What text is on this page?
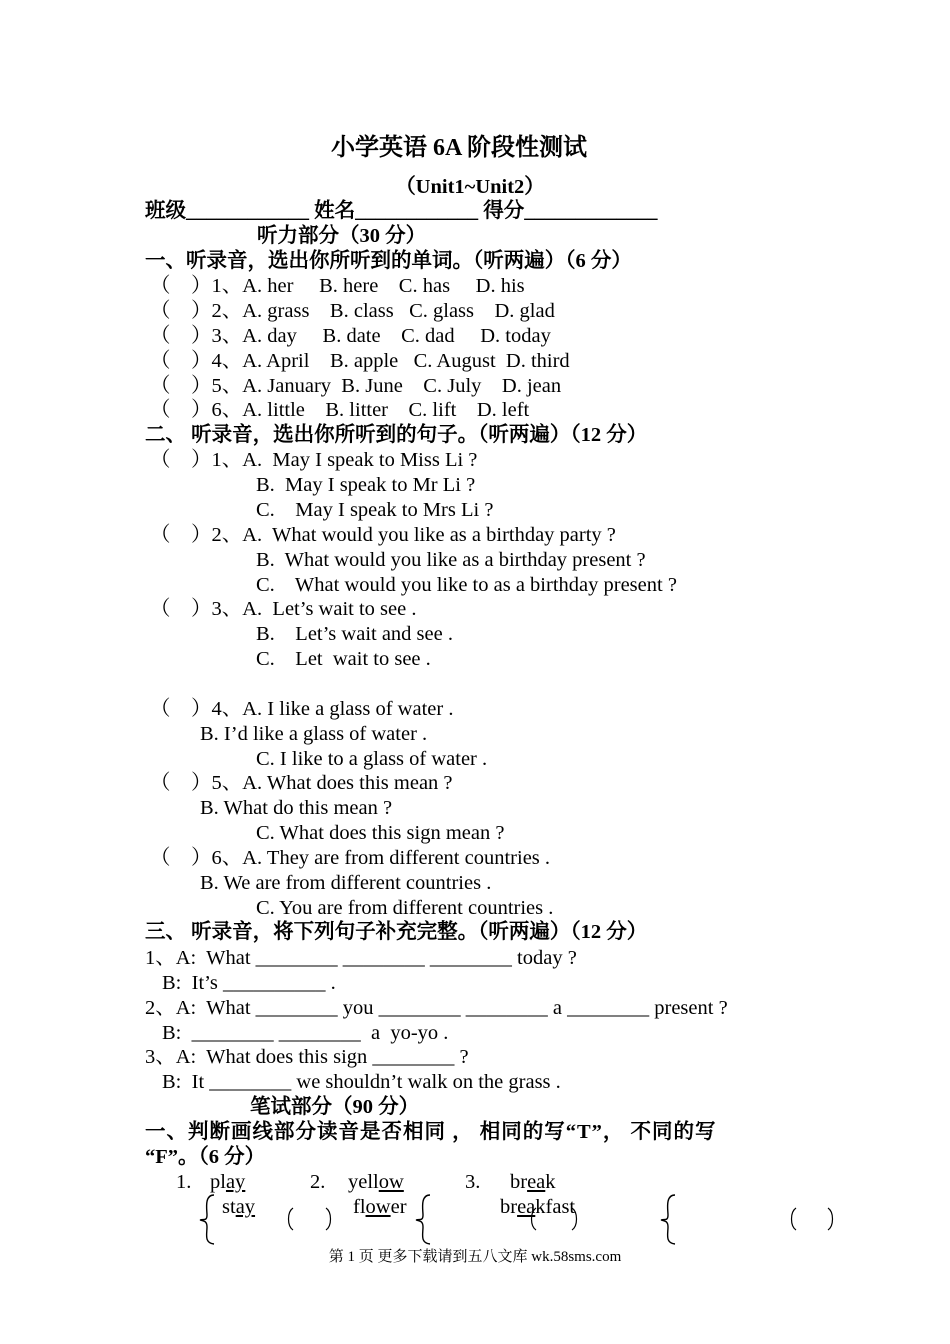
小学英语 6A 阶段性测试
（Unit1~Unit2）
班级____________ 姓名____________ 得分_____________
听力部分（30 分）
一、听录音，选出你所听到的单词。（听两遍）（6 分）
（    ）1、A. her     B. here    C. has     D. his
（    ）2、A. grass    B. class   C. glass    D. glad
（    ）3、A. day     B. date    C. dad     D. today
（    ）4、A. April    B. apple   C. August  D. third
（    ）5、A. January  B. June    C. July    D. jean
（    ）6、A. little    B. litter    C. lift    D. left
二、 听录音，选出你所听到的句子。（听两遍）（12 分）
（    ）1、A.  May I speak to Miss Li ?
B.  May I speak to Mr Li ?
C.    May I speak to Mrs Li ?
（    ）2、A.  What would you like as a birthday party ?
B.  What would you like as a birthday present ?
C.    What would you like to as a birthday present ?
（    ）3、A.  Let’s wait to see .
B.    Let’s wait and see .
C.    Let  wait to see .
（    ）4、A. I like a glass of water .
B. I’d like a glass of water .
C. I like to a glass of water .
（    ）5、A. What does this mean ?
B. What do this mean ?
C. What does this sign mean ?
（    ）6、A. They are from different countries .
B. We are from different countries .
C. You are from different countries .
三、 听录音，将下列句子补充完整。（听两遍）（12 分）
1、A:  What ________ ________ ________ today ?
B:  It’s __________ .
2、A:  What ________ you ________ ________ a ________ present ?
B:  ________ ________  a  yo-yo .
3、A:  What does this sign ________ ?
B:  It ________ we shouldn’t walk on the grass .
笔试部分（90 分）
一、判断画线部分读音是否相同 ， 相同的写“T”， 不同的写
“F”。（6 分）
1.	2.	3.
play	yellow	break
stay	flower	breakfast
第 1 页 更多下载请到五八文库 wk.58sms.com
